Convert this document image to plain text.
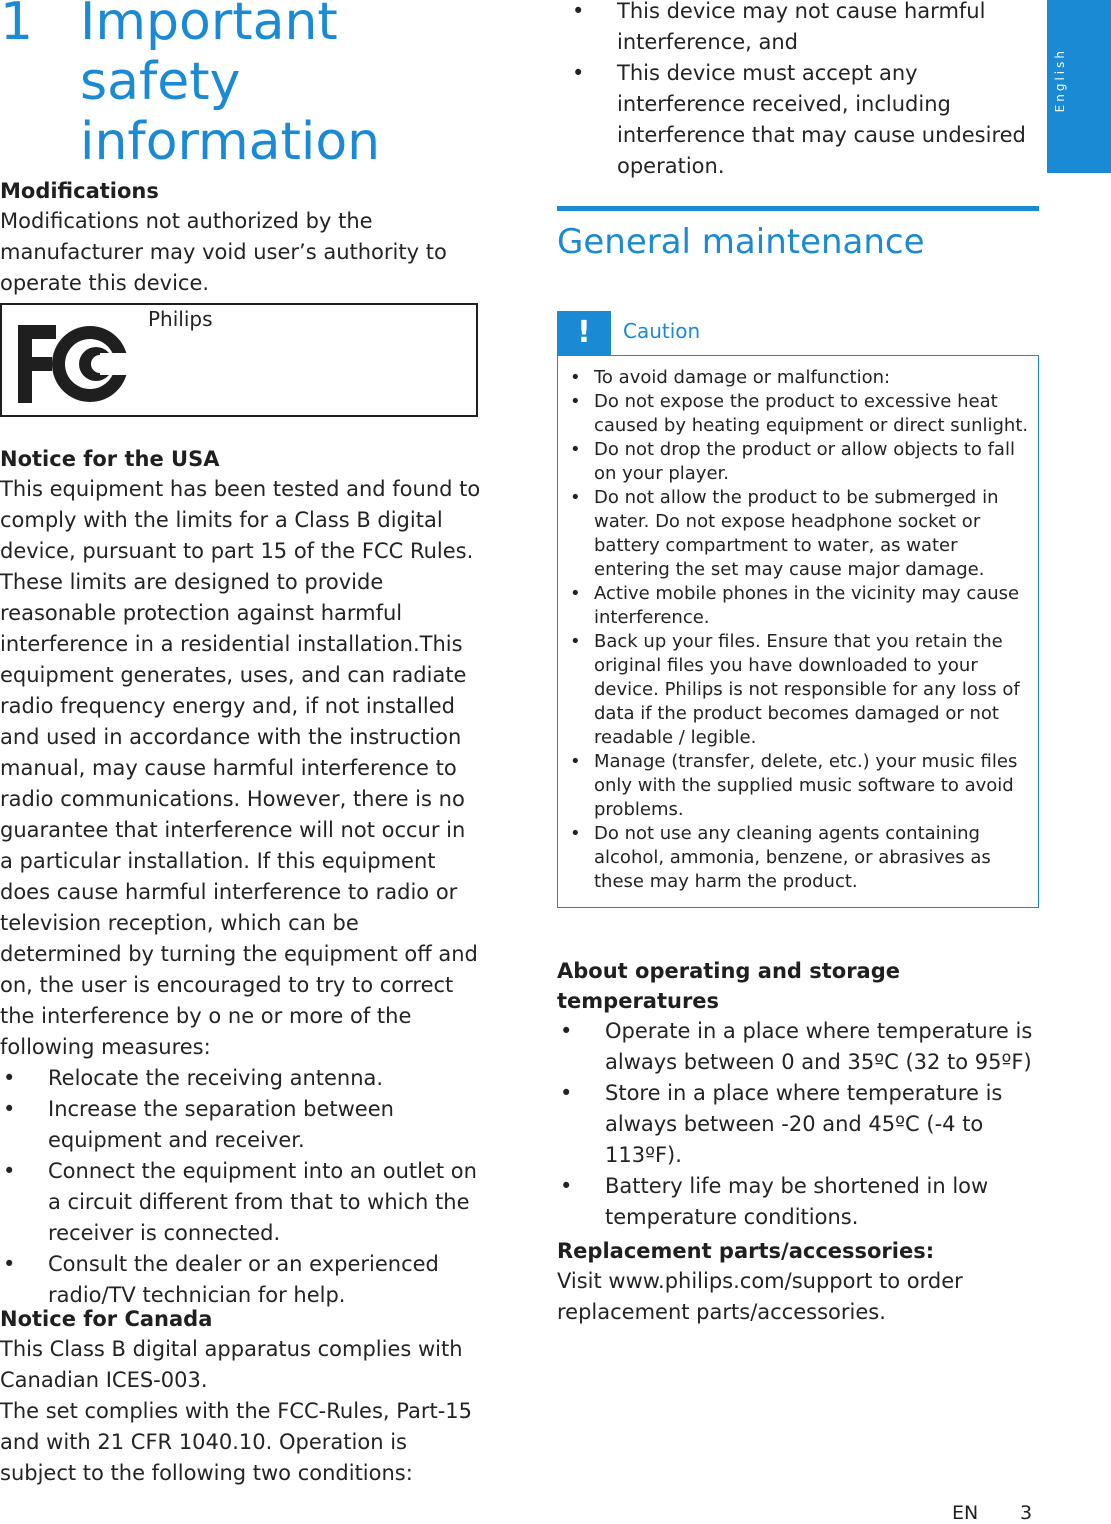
1 Important safety information

Modifications

Modifications not authorized by the manufacturer may void user’s authority to operate this device.

Philips

Notice for the USA

This equipment has been tested and found to comply with the limits for a Class B digital device, pursuant to part 15 of the FCC Rules. These limits are designed to provide reasonable protection against harmful interference in a residential installation.This equipment generates, uses, and can radiate radio frequency energy and, if not installed and used in accordance with the instruction manual, may cause harmful interference to radio communications. However, there is no guarantee that interference will not occur in a particular installation. If this equipment does cause harmful interference to radio or television reception, which can be determined by turning the equipment off and on, the user is encouraged to try to correct the interference by o ne or more of the following measures:

• Relocate the receiving antenna.
• Increase the separation between equipment and receiver.
• Connect the equipment into an outlet on a circuit different from that to which the receiver is connected.
• Consult the dealer or an experienced radio/TV technician for help.

Notice for Canada

This Class B digital apparatus complies with Canadian ICES-003.

The set complies with the FCC-Rules, Part-15 and with 21 CFR 1040.10. Operation is subject to the following two conditions:

• This device may not cause harmful interference, and
• This device must accept any interference received, including interference that may cause undesired operation.
General maintenance
!	Caution
• To avoid damage or malfunction:
• Do not expose the product to excessive heat caused by heating equipment or direct sunlight.
• Do not drop the product or allow objects to fall on your player.
• Do not allow the product to be submerged in water. Do not expose headphone socket or battery compartment to water, as water entering the set may cause major damage.
• Active mobile phones in the vicinity may cause interference.
• Back up your files. Ensure that you retain the original files you have downloaded to your device. Philips is not responsible for any loss of data if the product becomes damaged or not readable / legible.
• Manage (transfer, delete, etc.) your music files only with the supplied music software to avoid problems.
• Do not use any cleaning agents containing alcohol, ammonia, benzene, or abrasives as these may harm the product.

About operating and storage temperatures

• Operate in a place where temperature is always between 0 and 35ºC (32 to 95ºF)
• Store in a place where temperature is always between -20 and 45ºC (-4 to 113ºF).
• Battery life may be shortened in low temperature conditions.

Replacement parts/accessories:

Visit www.philips.com/support to order replacement parts/accessories.

English
EN 3
